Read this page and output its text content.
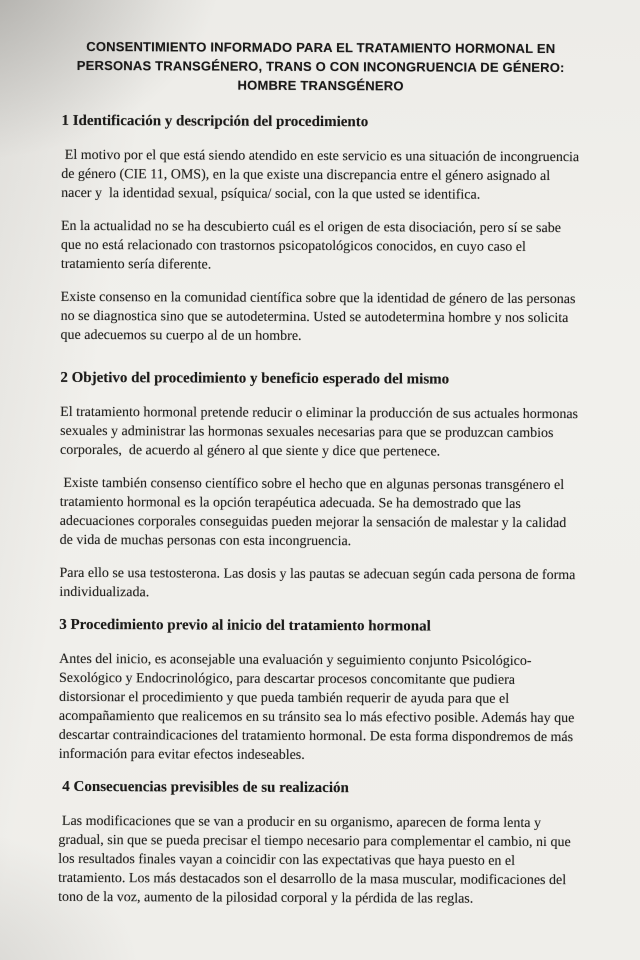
CONSENTIMIENTO INFORMADO PARA EL TRATAMIENTO HORMONAL EN
PERSONAS TRANSGÉNERO, TRANS O CON INCONGRUENCIA DE GÉNERO:
HOMBRE TRANSGÉNERO
1 Identificación y descripción del procedimiento

El motivo por el que está siendo atendido en este servicio es una situación de incongruencia  de género (CIE 11, OMS), en la que existe una discrepancia entre el género asignado al nacer y  la identidad sexual, psíquica/ social, con la que usted se identifica.

En la actualidad no se ha descubierto cuál es el origen de esta disociación, pero sí se sabe que no está relacionado con trastornos psicopatológicos conocidos, en cuyo caso el tratamiento sería diferente.

Existe consenso en la comunidad científica sobre que la identidad de género de las personas no se diagnostica sino que se autodetermina. Usted se autodetermina hombre y nos solicita que adecuemos su cuerpo al de un hombre.

2 Objetivo del procedimiento y beneficio esperado del mismo

El tratamiento hormonal pretende reducir o eliminar la producción de sus actuales hormonas sexuales y administrar las hormonas sexuales necesarias para que se produzcan cambios corporales,  de acuerdo al género al que siente y dice que pertenece.

Existe también consenso científico sobre el hecho que en algunas personas transgénero el tratamiento hormonal es la opción terapéutica adecuada. Se ha demostrado que las adecuaciones corporales conseguidas pueden mejorar la sensación de malestar y la calidad de vida de muchas personas con esta incongruencia.

Para ello se usa testosterona. Las dosis y las pautas se adecuan según cada persona de forma individualizada.

3 Procedimiento previo al inicio del tratamiento hormonal

Antes del inicio, es aconsejable una evaluación y seguimiento conjunto Psicológico-Sexológico y Endocrinológico, para descartar procesos concomitante que pudiera distorsionar el procedimiento y que pueda también requerir de ayuda para que el acompañamiento que realicemos en su tránsito sea lo más efectivo posible. Además hay que descartar contraindicaciones del tratamiento hormonal. De esta forma dispondremos de más información para evitar efectos indeseables.

4 Consecuencias previsibles de su realización

Las modificaciones que se van a producir en su organismo, aparecen de forma lenta y gradual, sin que se pueda precisar el tiempo necesario para complementar el cambio, ni que los resultados finales vayan a coincidir con las expectativas que haya puesto en el tratamiento. Los más destacados son el desarrollo de la masa muscular, modificaciones del tono de la voz, aumento de la pilosidad corporal y la pérdida de las reglas.
